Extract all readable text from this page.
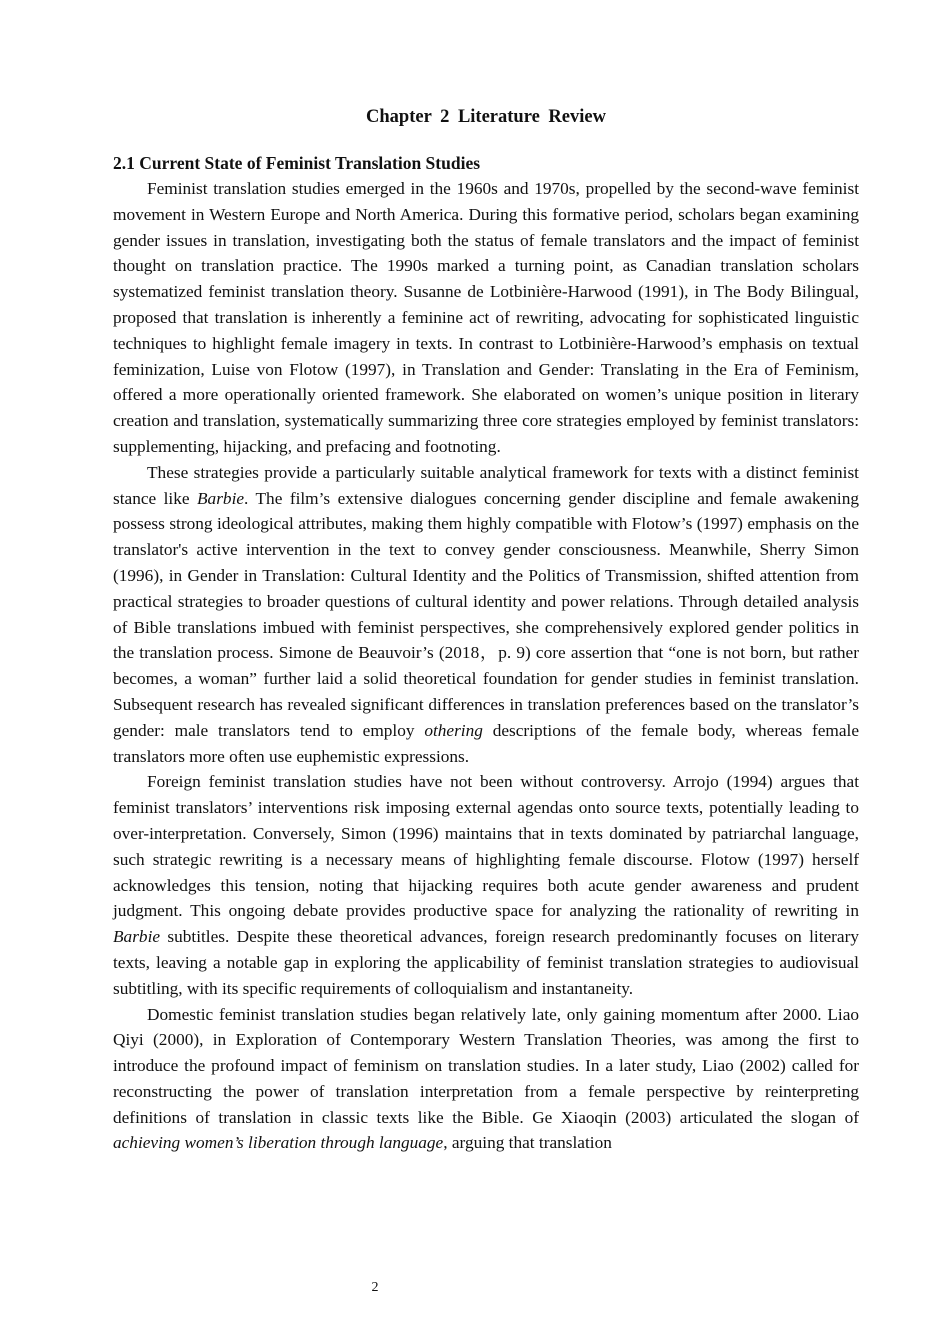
Chapter 2 Literature Review
2.1 Current State of Feminist Translation Studies

Feminist translation studies emerged in the 1960s and 1970s, propelled by the second-wave feminist movement in Western Europe and North America. During this formative period, scholars began examining gender issues in translation, investigating both the status of female translators and the impact of feminist thought on translation practice. The 1990s marked a turning point, as Canadian translation scholars systematized feminist translation theory. Susanne de Lotbinière-Harwood (1991), in The Body Bilingual, proposed that translation is inherently a feminine act of rewriting, advocating for sophisticated linguistic techniques to highlight female imagery in texts. In contrast to Lotbinière-Harwood’s emphasis on textual feminization, Luise von Flotow (1997), in Translation and Gender: Translating in the Era of Feminism, offered a more operationally oriented framework. She elaborated on women’s unique position in literary creation and translation, systematically summarizing three core strategies employed by feminist translators: supplementing, hijacking, and prefacing and footnoting.

These strategies provide a particularly suitable analytical framework for texts with a distinct feminist stance like Barbie. The film’s extensive dialogues concerning gender discipline and female awakening possess strong ideological attributes, making them highly compatible with Flotow’s (1997) emphasis on the translator's active intervention in the text to convey gender consciousness. Meanwhile, Sherry Simon (1996), in Gender in Translation: Cultural Identity and the Politics of Transmission, shifted attention from practical strategies to broader questions of cultural identity and power relations. Through detailed analysis of Bible translations imbued with feminist perspectives, she comprehensively explored gender politics in the translation process. Simone de Beauvoir’s (2018，p. 9) core assertion that “one is not born, but rather becomes, a woman” further laid a solid theoretical foundation for gender studies in feminist translation. Subsequent research has revealed significant differences in translation preferences based on the translator’s gender: male translators tend to employ othering descriptions of the female body, whereas female translators more often use euphemistic expressions.

Foreign feminist translation studies have not been without controversy. Arrojo (1994) argues that feminist translators’ interventions risk imposing external agendas onto source texts, potentially leading to over-interpretation. Conversely, Simon (1996) maintains that in texts dominated by patriarchal language, such strategic rewriting is a necessary means of highlighting female discourse. Flotow (1997) herself acknowledges this tension, noting that hijacking requires both acute gender awareness and prudent judgment. This ongoing debate provides productive space for analyzing the rationality of rewriting in Barbie subtitles. Despite these theoretical advances, foreign research predominantly focuses on literary texts, leaving a notable gap in exploring the applicability of feminist translation strategies to audiovisual subtitling, with its specific requirements of colloquialism and instantaneity.

Domestic feminist translation studies began relatively late, only gaining momentum after 2000. Liao Qiyi (2000), in Exploration of Contemporary Western Translation Theories, was among the first to introduce the profound impact of feminism on translation studies. In a later study, Liao (2002) called for reconstructing the power of translation interpretation from a female perspective by reinterpreting definitions of translation in classic texts like the Bible. Ge Xiaoqin (2003) articulated the slogan of achieving women’s liberation through language, arguing that translation

2
